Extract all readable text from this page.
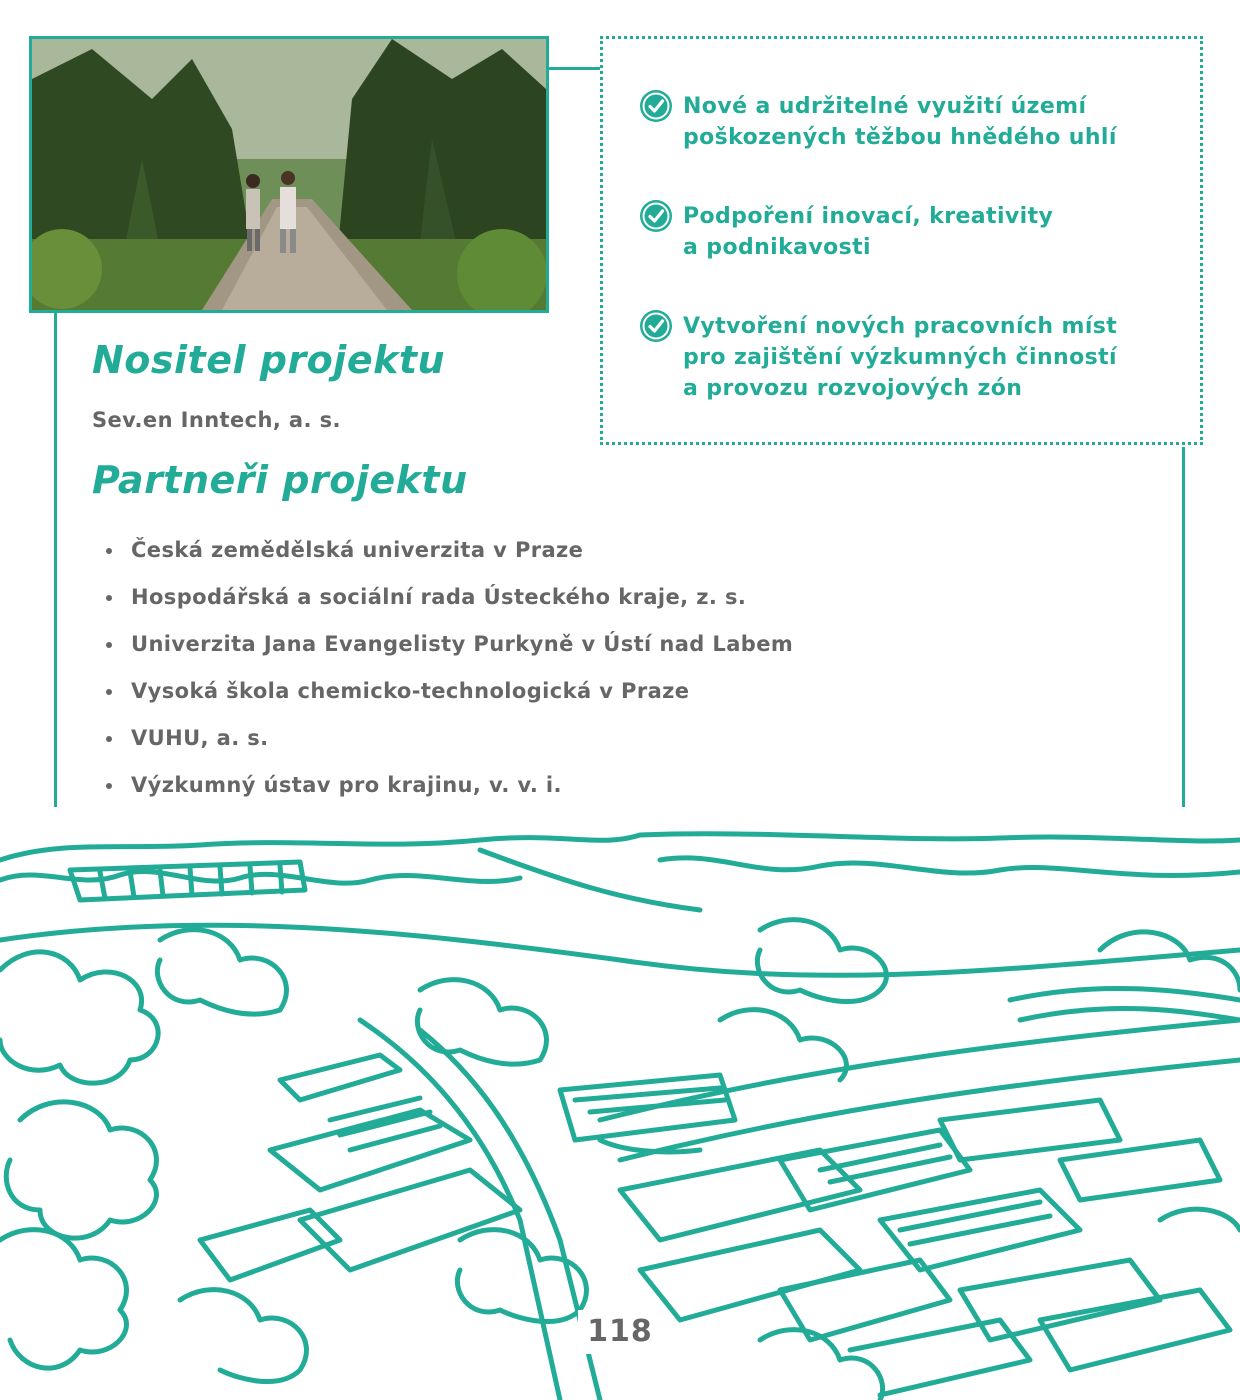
Nové a udržitelné využití území
poškozených těžbou hnědého uhlí
Podpoření inovací, kreativity
a podnikavosti
Vytvoření nových pracovních míst
pro zajištění výzkumných činností
a provozu rozvojových zón
Nositel projektu

Sev.en Inntech, a. s.

Partneři projektu
Česká zemědělská univerzita v Praze
Hospodářská a sociální rada Ústeckého kraje, z. s.
Univerzita Jana Evangelisty Purkyně v Ústí nad Labem
Vysoká škola chemicko-technologická v Praze
VUHU, a. s.
Výzkumný ústav pro krajinu, v. v. i.
118
